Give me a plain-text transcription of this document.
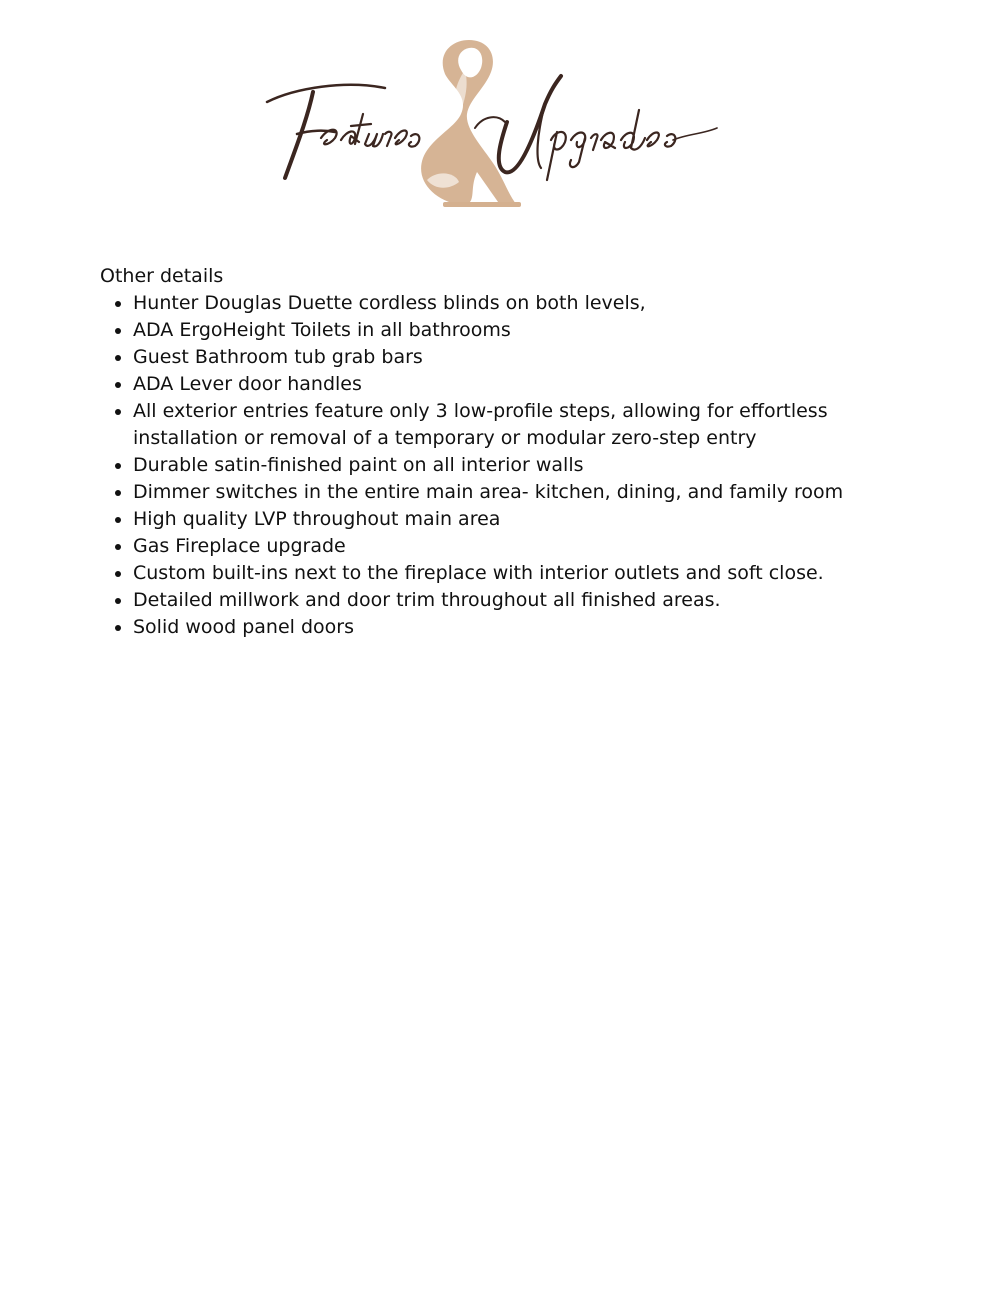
Other details

Hunter Douglas Duette cordless blinds on both levels,
ADA ErgoHeight Toilets in all bathrooms
Guest Bathroom tub grab bars
ADA Lever door handles
All exterior entries feature only 3 low-profile steps, allowing for effortless installation or removal of a temporary or modular zero-step entry
Durable satin-finished paint on all interior walls
Dimmer switches in the entire main area- kitchen, dining, and family room
High quality LVP throughout main area
Gas Fireplace upgrade
Custom built-ins next to the fireplace with interior outlets and soft close.
Detailed millwork and door trim throughout all finished areas.
Solid wood panel doors
